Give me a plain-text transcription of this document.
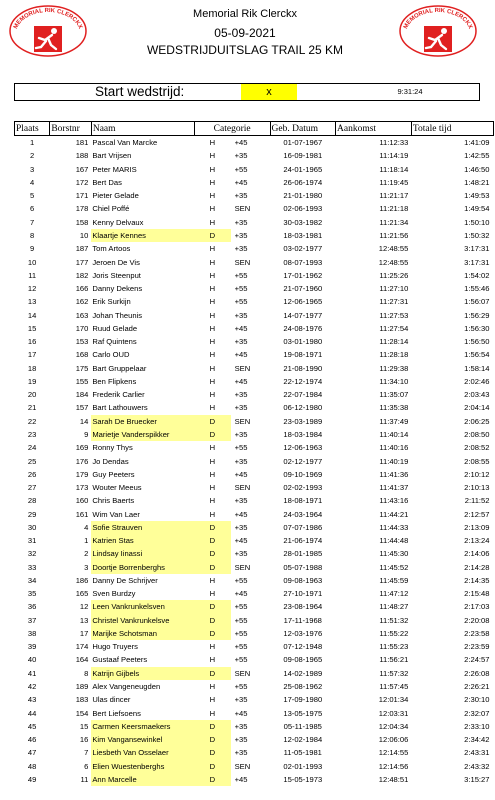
MEMORIAL RIK CLERCKX	MEMORIAL RIK CLERCKX
Memorial Rik Clerckx
05-09-2021
WEDSTRIJDUITSLAG TRAIL 25 KM
Start wedstrijd:	x	9:31:24
Plaats	Borstnr	Naam	Categorie		Geb. Datum	Aankomst	Totale tijd
1	181	Pascal Van Marcke	H	+45	01-07-1967	11:12:33	1:41:09
2	188	Bart Vrijsen	H	+35	16-09-1981	11:14:19	1:42:55
3	167	Peter MARIS	H	+55	24-01-1965	11:18:14	1:46:50
4	172	Bert Das	H	+45	26-06-1974	11:19:45	1:48:21
5	171	Pieter Gelade	H	+35	21-01-1980	11:21:17	1:49:53
6	178	Chiel Poffé	H	SEN	02-06-1993	11:21:18	1:49:54
7	158	Kenny Delvaux	H	+35	30-03-1982	11:21:34	1:50:10
8	10	Klaartje Kennes	D	+35	18-03-1981	11:21:56	1:50:32
9	187	Tom Artoos	H	+35	03-02-1977	12:48:55	3:17:31
10	177	Jeroen De Vis	H	SEN	08-07-1993	12:48:55	3:17:31
11	182	Joris Steenput	H	+55	17-01-1962	11:25:26	1:54:02
12	166	Danny Dekens	H	+55	21-07-1960	11:27:10	1:55:46
13	162	Erik Surkijn	H	+55	12-06-1965	11:27:31	1:56:07
14	163	Johan Theunis	H	+35	14-07-1977	11:27:53	1:56:29
15	170	Ruud Gelade	H	+45	24-08-1976	11:27:54	1:56:30
16	153	Raf Quintens	H	+35	03-01-1980	11:28:14	1:56:50
17	168	Carlo OUD	H	+45	19-08-1971	11:28:18	1:56:54
18	175	Bart Gruppelaar	H	SEN	21-08-1990	11:29:38	1:58:14
19	155	Ben Flipkens	H	+45	22-12-1974	11:34:10	2:02:46
20	184	Frederik Carlier	H	+35	22-07-1984	11:35:07	2:03:43
21	157	Bart Lathouwers	H	+35	06-12-1980	11:35:38	2:04:14
22	14	Sarah De Bruecker	D	SEN	23-03-1989	11:37:49	2:06:25
23	9	Marietje Vanderspikker	D	+35	18-03-1984	11:40:14	2:08:50
24	169	Ronny Thys	H	+55	12-06-1963	11:40:16	2:08:52
25	176	Jo Dendas	H	+35	02-12-1977	11:40:19	2:08:55
26	179	Guy Peeters	H	+45	09-10-1969	11:41:36	2:10:12
27	173	Wouter Meeus	H	SEN	02-02-1993	11:41:37	2:10:13
28	160	Chris Baerts	H	+35	18-08-1971	11:43:16	2:11:52
29	161	Wim Van Laer	H	+45	24-03-1964	11:44:21	2:12:57
30	4	Sofie Strauven	D	+35	07-07-1986	11:44:33	2:13:09
31	1	Katrien Stas	D	+45	21-06-1974	11:44:48	2:13:24
32	2	Lindsay Iinassi	D	+35	28-01-1985	11:45:30	2:14:06
33	3	Doortje Borrenberghs	D	SEN	05-07-1988	11:45:52	2:14:28
34	186	Danny De Schrijver	H	+55	09-08-1963	11:45:59	2:14:35
35	165	Sven Burdzy	H	+45	27-10-1971	11:47:12	2:15:48
36	12	Leen Vankrunkelsven	D	+55	23-08-1964	11:48:27	2:17:03
37	13	Christel Vankrunkelsve	D	+55	17-11-1968	11:51:32	2:20:08
38	17	Marijke Schotsman	D	+55	12-03-1976	11:55:22	2:23:58
39	174	Hugo Truyers	H	+55	07-12-1948	11:55:23	2:23:59
40	164	Gustaaf Peeters	H	+55	09-08-1965	11:56:21	2:24:57
41	8	Katrijn Gijbels	D	SEN	14-02-1989	11:57:32	2:26:08
42	189	Alex Vangeneugden	H	+55	25-08-1962	11:57:45	2:26:21
43	183	Ulas dincer	H	+35	17-09-1980	12:01:34	2:30:10
44	154	Bert Liefsoens	H	+45	13-05-1975	12:03:31	2:32:07
45	15	Carmen Keersmaekers	D	+35	05-11-1985	12:04:34	2:33:10
46	16	Kim Vangansewinkel	D	+35	12-02-1984	12:06:06	2:34:42
47	7	Liesbeth Van Osselaer	D	+35	11-05-1981	12:14:55	2:43:31
48	6	Elien Wuestenberghs	D	SEN	02-01-1993	12:14:56	2:43:32
49	11	Ann Marcelle	D	+45	15-05-1973	12:48:51	3:15:27
